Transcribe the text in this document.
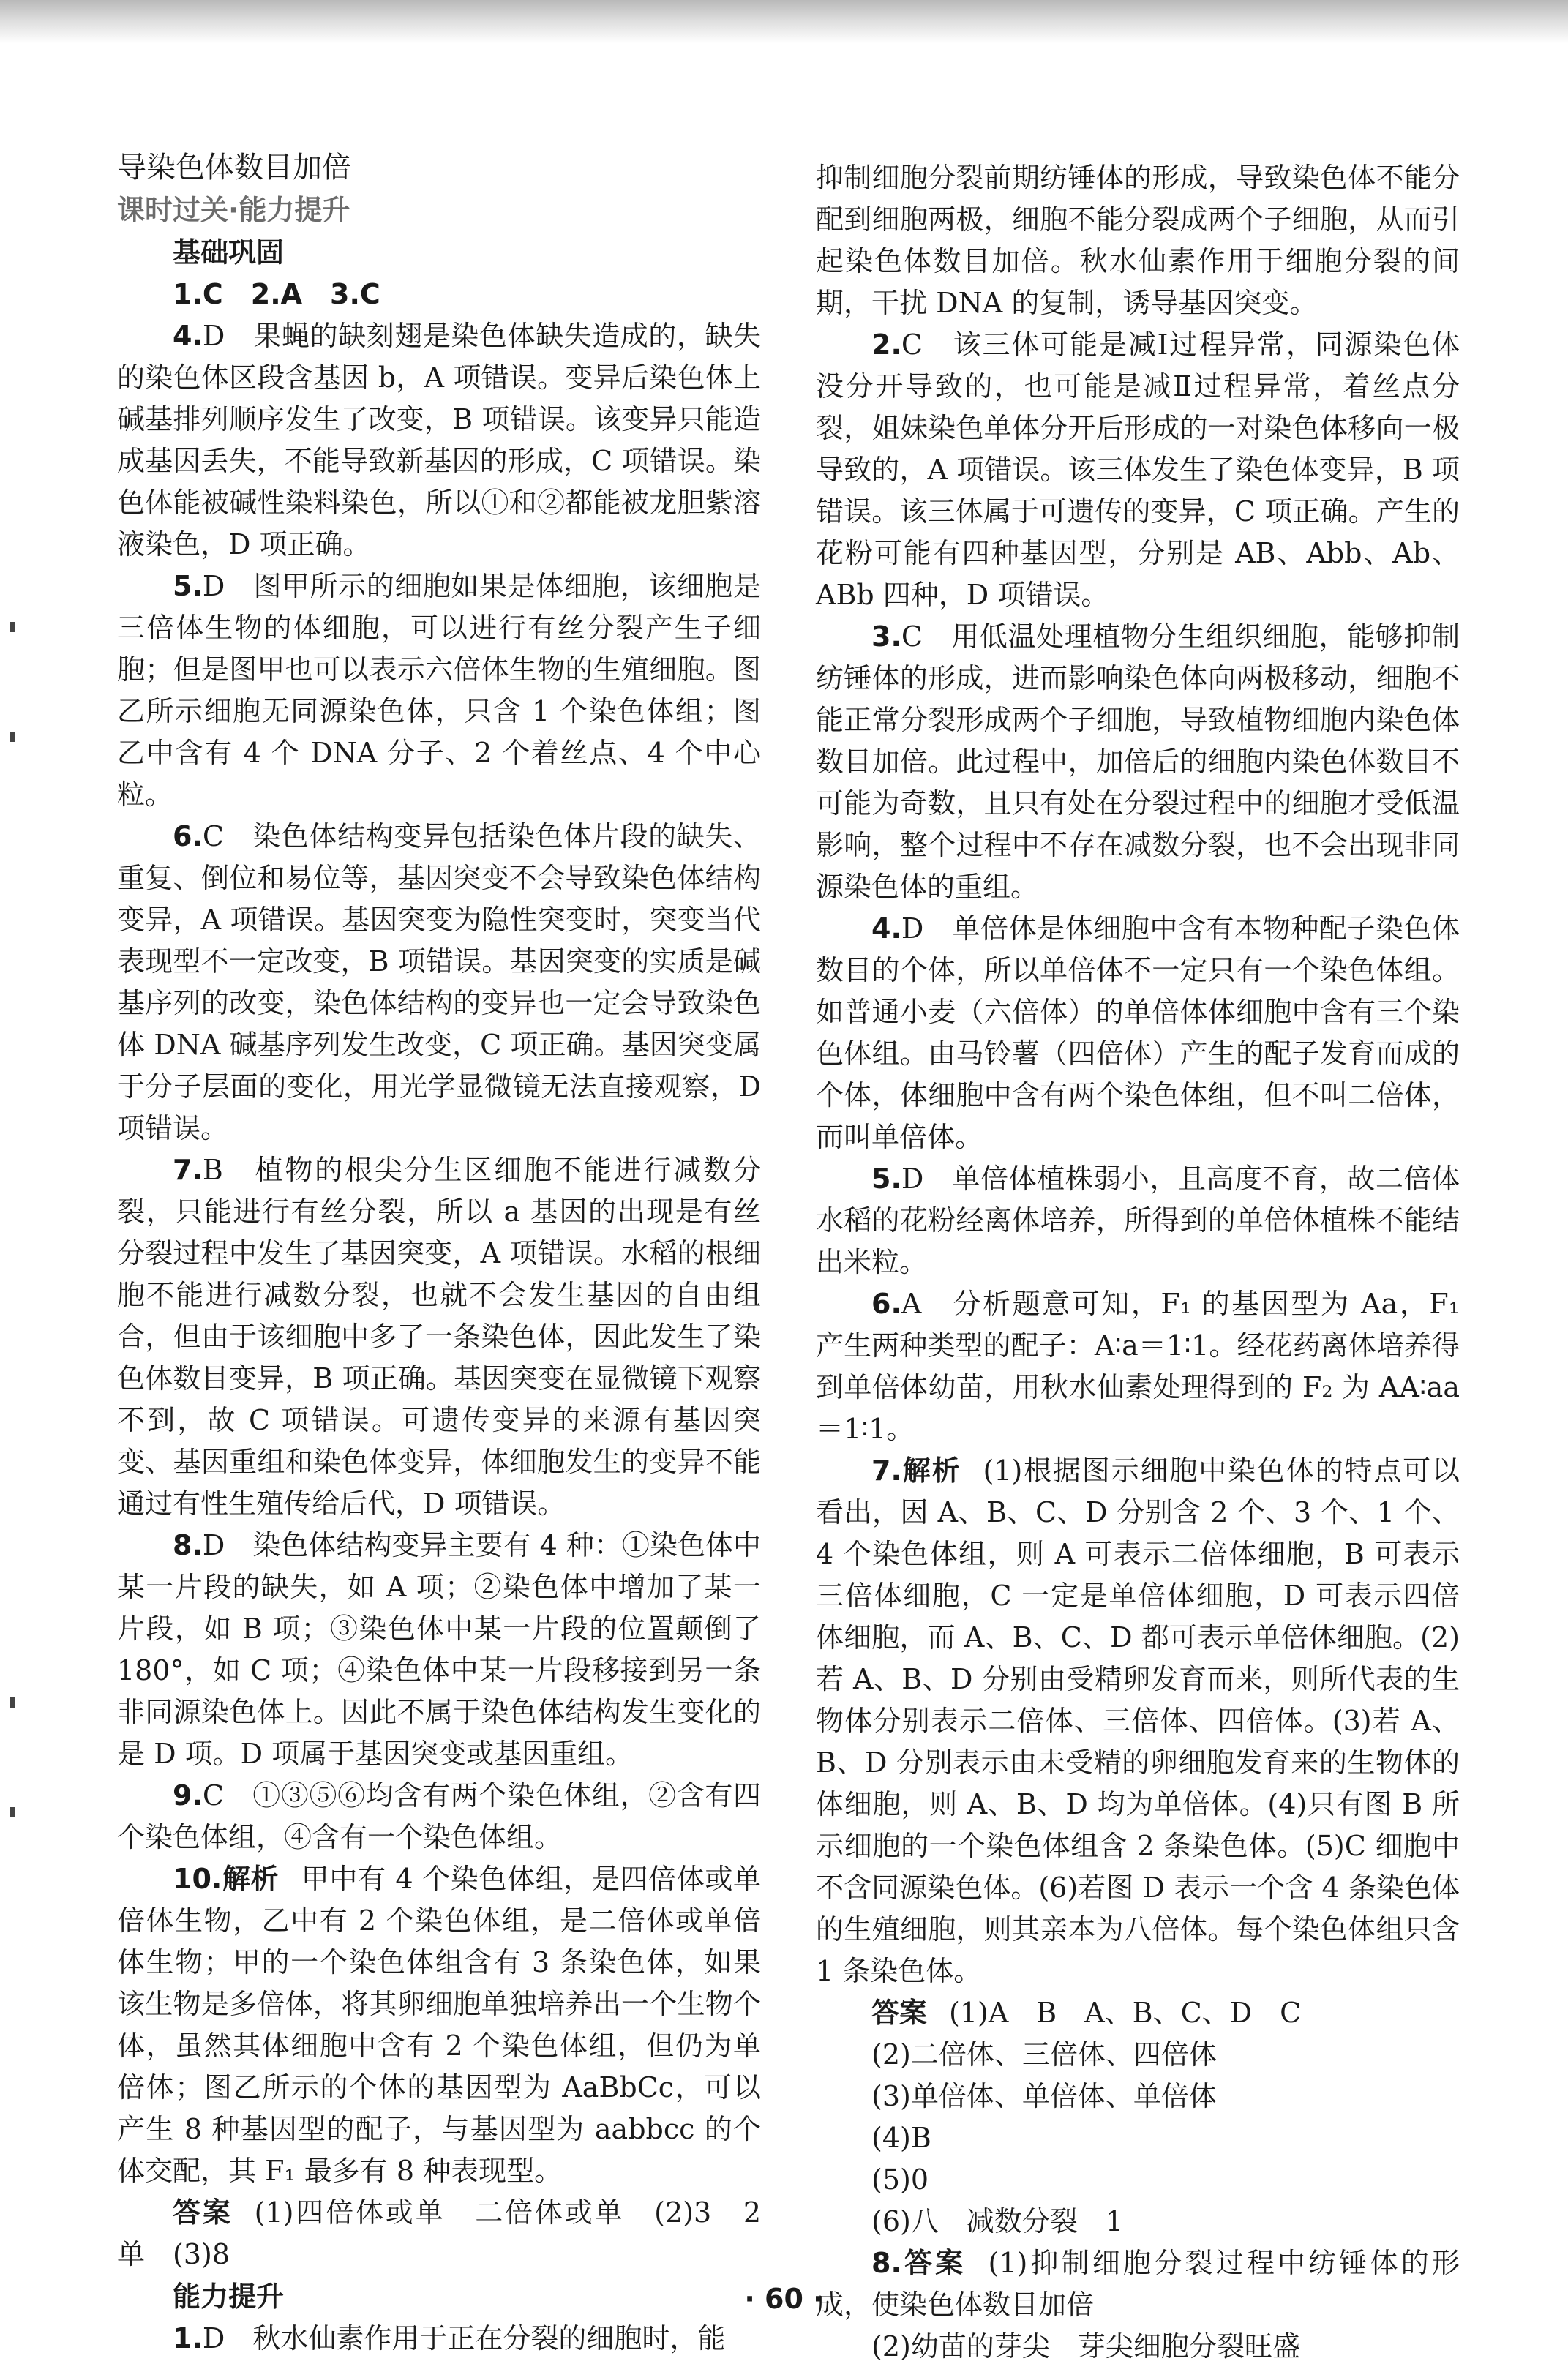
导染色体数目加倍

课时过关·能力提升

基础巩固

1.C　2.A　3.C

4.D　果蝇的缺刻翅是染色体缺失造成的，缺失的染色体区段含基因 b，A 项错误。变异后染色体上碱基排列顺序发生了改变，B 项错误。该变异只能造成基因丢失，不能导致新基因的形成，C 项错误。染色体能被碱性染料染色，所以①和②都能被龙胆紫溶液染色，D 项正确。

5.D　图甲所示的细胞如果是体细胞，该细胞是三倍体生物的体细胞，可以进行有丝分裂产生子细胞；但是图甲也可以表示六倍体生物的生殖细胞。图乙所示细胞无同源染色体，只含 1 个染色体组；图乙中含有 4 个 DNA 分子、2 个着丝点、4 个中心粒。

6.C　染色体结构变异包括染色体片段的缺失、重复、倒位和易位等，基因突变不会导致染色体结构变异，A 项错误。基因突变为隐性突变时，突变当代表现型不一定改变，B 项错误。基因突变的实质是碱基序列的改变，染色体结构的变异也一定会导致染色体 DNA 碱基序列发生改变，C 项正确。基因突变属于分子层面的变化，用光学显微镜无法直接观察，D 项错误。

7.B　植物的根尖分生区细胞不能进行减数分裂，只能进行有丝分裂，所以 a 基因的出现是有丝分裂过程中发生了基因突变，A 项错误。水稻的根细胞不能进行减数分裂，也就不会发生基因的自由组合，但由于该细胞中多了一条染色体，因此发生了染色体数目变异，B 项正确。基因突变在显微镜下观察不到，故 C 项错误。可遗传变异的来源有基因突变、基因重组和染色体变异，体细胞发生的变异不能通过有性生殖传给后代，D 项错误。

8.D　染色体结构变异主要有 4 种：①染色体中某一片段的缺失，如 A 项；②染色体中增加了某一片段，如 B 项；③染色体中某一片段的位置颠倒了 180°，如 C 项；④染色体中某一片段移接到另一条非同源染色体上。因此不属于染色体结构发生变化的是 D 项。D 项属于基因突变或基因重组。

9.C　①③⑤⑥均含有两个染色体组，②含有四个染色体组，④含有一个染色体组。

10.解析 甲中有 4 个染色体组，是四倍体或单倍体生物，乙中有 2 个染色体组，是二倍体或单倍体生物；甲的一个染色体组含有 3 条染色体，如果该生物是多倍体，将其卵细胞单独培养出一个生物个体，虽然其体细胞中含有 2 个染色体组，但仍为单倍体；图乙所示的个体的基因型为 AaBbCc，可以产生 8 种基因型的配子，与基因型为 aabbcc 的个体交配，其 F₁ 最多有 8 种表现型。

答案 (1)四倍体或单　二倍体或单　(2)3　2　单　(3)8

能力提升

1.D　秋水仙素作用于正在分裂的细胞时，能

抑制细胞分裂前期纺锤体的形成，导致染色体不能分配到细胞两极，细胞不能分裂成两个子细胞，从而引起染色体数目加倍。秋水仙素作用于细胞分裂的间期，干扰 DNA 的复制，诱导基因突变。

2.C　该三体可能是减Ⅰ过程异常，同源染色体没分开导致的，也可能是减Ⅱ过程异常，着丝点分裂，姐妹染色单体分开后形成的一对染色体移向一极导致的，A 项错误。该三体发生了染色体变异，B 项错误。该三体属于可遗传的变异，C 项正确。产生的花粉可能有四种基因型，分别是 AB、Abb、Ab、ABb 四种，D 项错误。

3.C　用低温处理植物分生组织细胞，能够抑制纺锤体的形成，进而影响染色体向两极移动，细胞不能正常分裂形成两个子细胞，导致植物细胞内染色体数目加倍。此过程中，加倍后的细胞内染色体数目不可能为奇数，且只有处在分裂过程中的细胞才受低温影响，整个过程中不存在减数分裂，也不会出现非同源染色体的重组。

4.D　单倍体是体细胞中含有本物种配子染色体数目的个体，所以单倍体不一定只有一个染色体组。如普通小麦（六倍体）的单倍体体细胞中含有三个染色体组。由马铃薯（四倍体）产生的配子发育而成的个体，体细胞中含有两个染色体组，但不叫二倍体，而叫单倍体。

5.D　单倍体植株弱小，且高度不育，故二倍体水稻的花粉经离体培养，所得到的单倍体植株不能结出米粒。

6.A　分析题意可知，F₁ 的基因型为 Aa，F₁ 产生两种类型的配子：A∶a＝1∶1。经花药离体培养得到单倍体幼苗，用秋水仙素处理得到的 F₂ 为 AA∶aa＝1∶1。

7.解析 (1)根据图示细胞中染色体的特点可以看出，因 A、B、C、D 分别含 2 个、3 个、1 个、4 个染色体组，则 A 可表示二倍体细胞，B 可表示三倍体细胞，C 一定是单倍体细胞，D 可表示四倍体细胞，而 A、B、C、D 都可表示单倍体细胞。(2)若 A、B、D 分别由受精卵发育而来，则所代表的生物体分别表示二倍体、三倍体、四倍体。(3)若 A、B、D 分别表示由未受精的卵细胞发育来的生物体的体细胞，则 A、B、D 均为单倍体。(4)只有图 B 所示细胞的一个染色体组含 2 条染色体。(5)C 细胞中不含同源染色体。(6)若图 D 表示一个含 4 条染色体的生殖细胞，则其亲本为八倍体。每个染色体组只含 1 条染色体。

答案 (1)A　B　A、B、C、D　C

(2)二倍体、三倍体、四倍体

(3)单倍体、单倍体、单倍体

(4)B

(5)0

(6)八　减数分裂　1

8.答案 (1)抑制细胞分裂过程中纺锤体的形成，使染色体数目加倍

(2)幼苗的芽尖　芽尖细胞分裂旺盛

· 60 ·
